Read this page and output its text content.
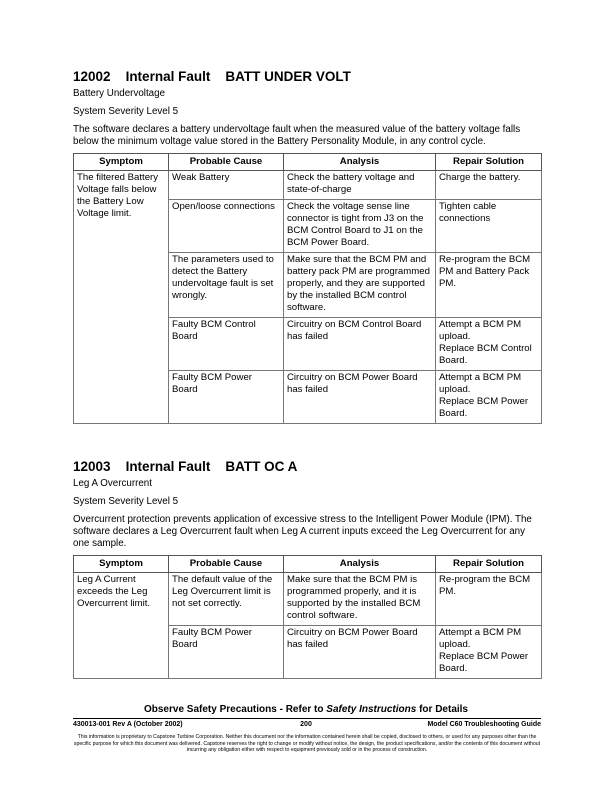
12002 Internal Fault BATT UNDER VOLT
Battery Undervoltage
System Severity Level 5
The software declares a battery undervoltage fault when the measured value of the battery voltage falls below the minimum voltage value stored in the Battery Personality Module, in any control cycle.
Symptom	Probable Cause	Analysis	Repair Solution
The filtered Battery Voltage falls below the Battery Low Voltage limit.	Weak Battery	Check the battery voltage and state-of-charge	Charge the battery.
	Open/loose connections	Check the voltage sense line connector is tight from J3 on the BCM Control Board to J1 on the BCM Power Board.	Tighten cable connections
	The parameters used to detect the Battery undervoltage fault is set wrongly.	Make sure that the BCM PM and battery pack PM are programmed properly, and they are supported by the installed BCM control software.	Re-program the BCM PM and Battery Pack PM.
	Faulty BCM Control Board	Circuitry on BCM Control Board has failed	Attempt a BCM PM upload.
Replace BCM Control Board.
	Faulty BCM Power Board	Circuitry on BCM Power Board has failed	Attempt a BCM PM upload.
Replace BCM Power Board.
12003 Internal Fault BATT OC A
Leg A Overcurrent
System Severity Level 5
Overcurrent protection prevents application of excessive stress to the Intelligent Power Module (IPM). The software declares a Leg Overcurrent fault when Leg A current inputs exceed the Leg Overcurrent for any one sample.
Symptom	Probable Cause	Analysis	Repair Solution
Leg A Current exceeds the Leg Overcurrent limit.	The default value of the Leg Overcurrent limit is not set correctly.	Make sure that the BCM PM is programmed properly, and it is supported by the installed BCM control software.	Re-program the BCM PM.
	Faulty BCM Power Board	Circuitry on BCM Power Board has failed	Attempt a BCM PM upload.
Replace BCM Power Board.
Observe Safety Precautions - Refer to Safety Instructions for Details
430013-001 Rev A (October 2002)	200	Model C60 Troubleshooting Guide
This information is proprietary to Capstone Turbine Corporation. Neither this document nor the information contained herein shall be copied, disclosed to others, or used for any purposes other than the specific purpose for which this document was delivered. Capstone reserves the right to change or modify without notice, the design, the product specifications, and/or the contents of this document without incurring any obligation either with respect to equipment previously sold or in the process of construction.
